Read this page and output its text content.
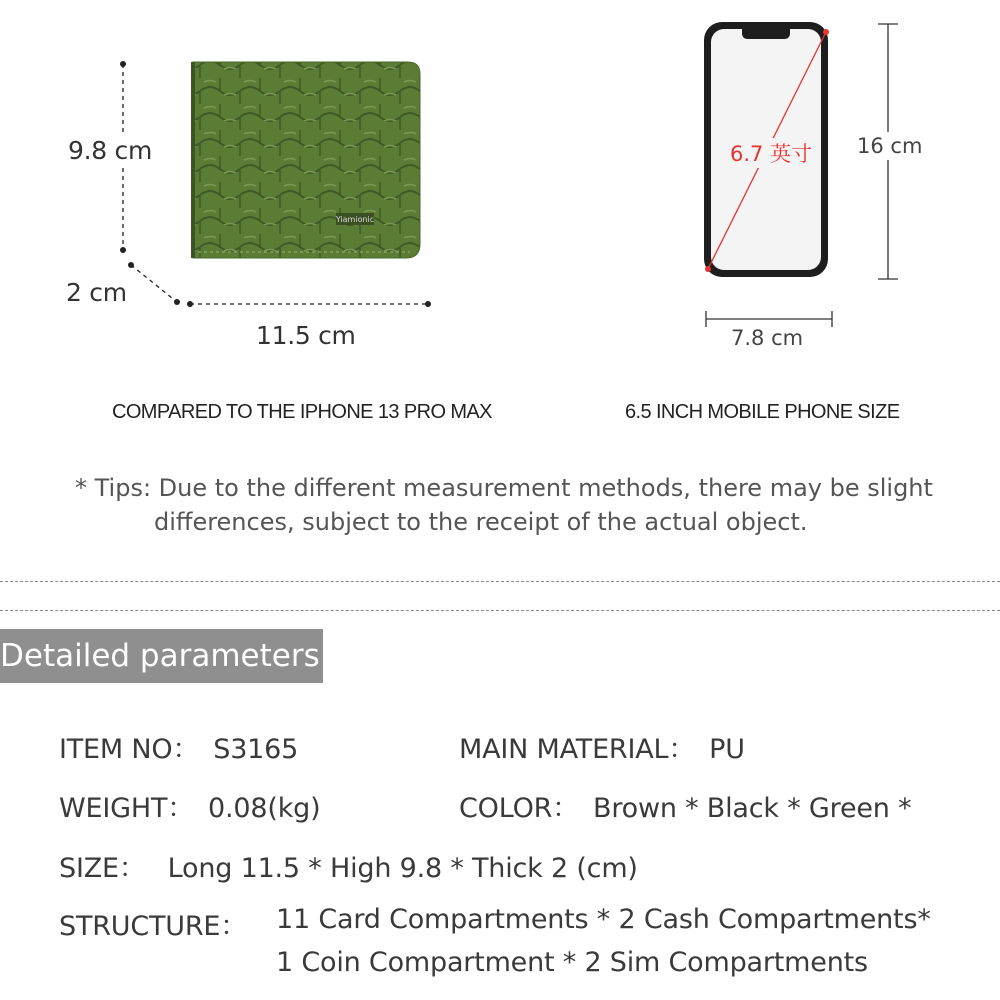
Yiamionic
9.8 cm
2 cm
11.5 cm
COMPARED TO THE IPHONE 13 PRO MAX
6.7 英寸 16 cm
7.8 cm
6.5 INCH MOBILE PHONE SIZE
* Tips: Due to the different measurement methods, there may be slight
differences, subject to the receipt of the actual object.
Detailed parameters
ITEM NO： S3165	MAIN MATERIAL： PU
WEIGHT： 0.08(kg)	COLOR： Brown * Black * Green *
SIZE： Long 11.5 * High 9.8 * Thick 2 (cm)
STRUCTURE： 11 Card Compartments * 2 Cash Compartments*
1 Coin Compartment * 2 Sim Compartments
